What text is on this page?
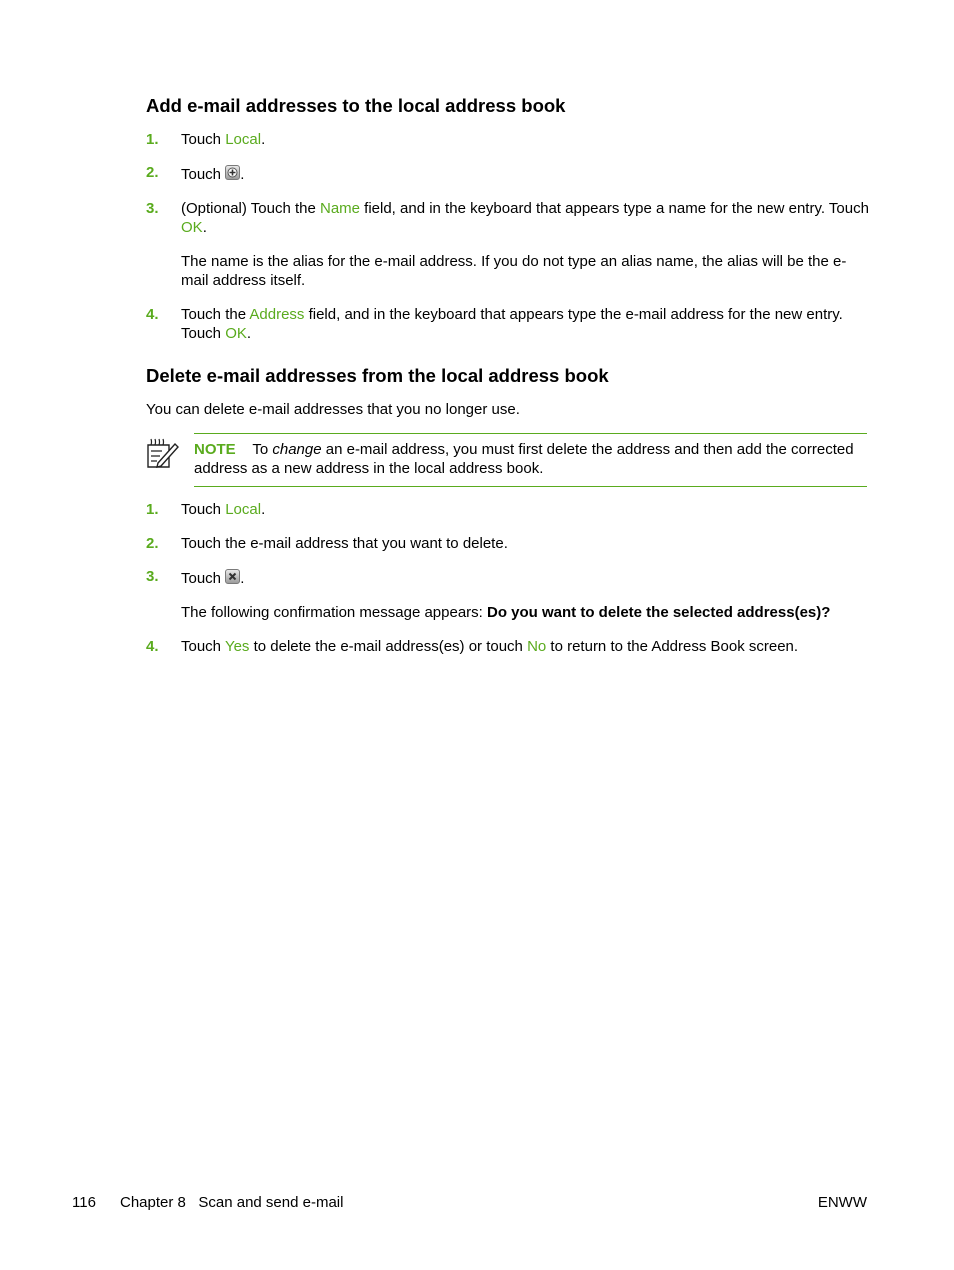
Add e-mail addresses to the local address book
1.	Touch Local.
2.	Touch
.
3.	(Optional) Touch the Name field, and in the keyboard that appears type a name for the new entry. Touch OK.
The name is the alias for the e-mail address. If you do not type an alias name, the alias will be the e-mail address itself.
4.	Touch the Address field, and in the keyboard that appears type the e-mail address for the new entry. Touch OK.
Delete e-mail addresses from the local address book
You can delete e-mail addresses that you no longer use.
NOTE To change an e-mail address, you must first delete the address and then add the corrected address as a new address in the local address book.
1.	Touch Local.
2.	Touch the e-mail address that you want to delete.
3.	Touch
.
The following confirmation message appears: Do you want to delete the selected address(es)?
4.	Touch Yes to delete the e-mail address(es) or touch No to return to the Address Book screen.
116 Chapter 8   Scan and send e-mail	ENWW
